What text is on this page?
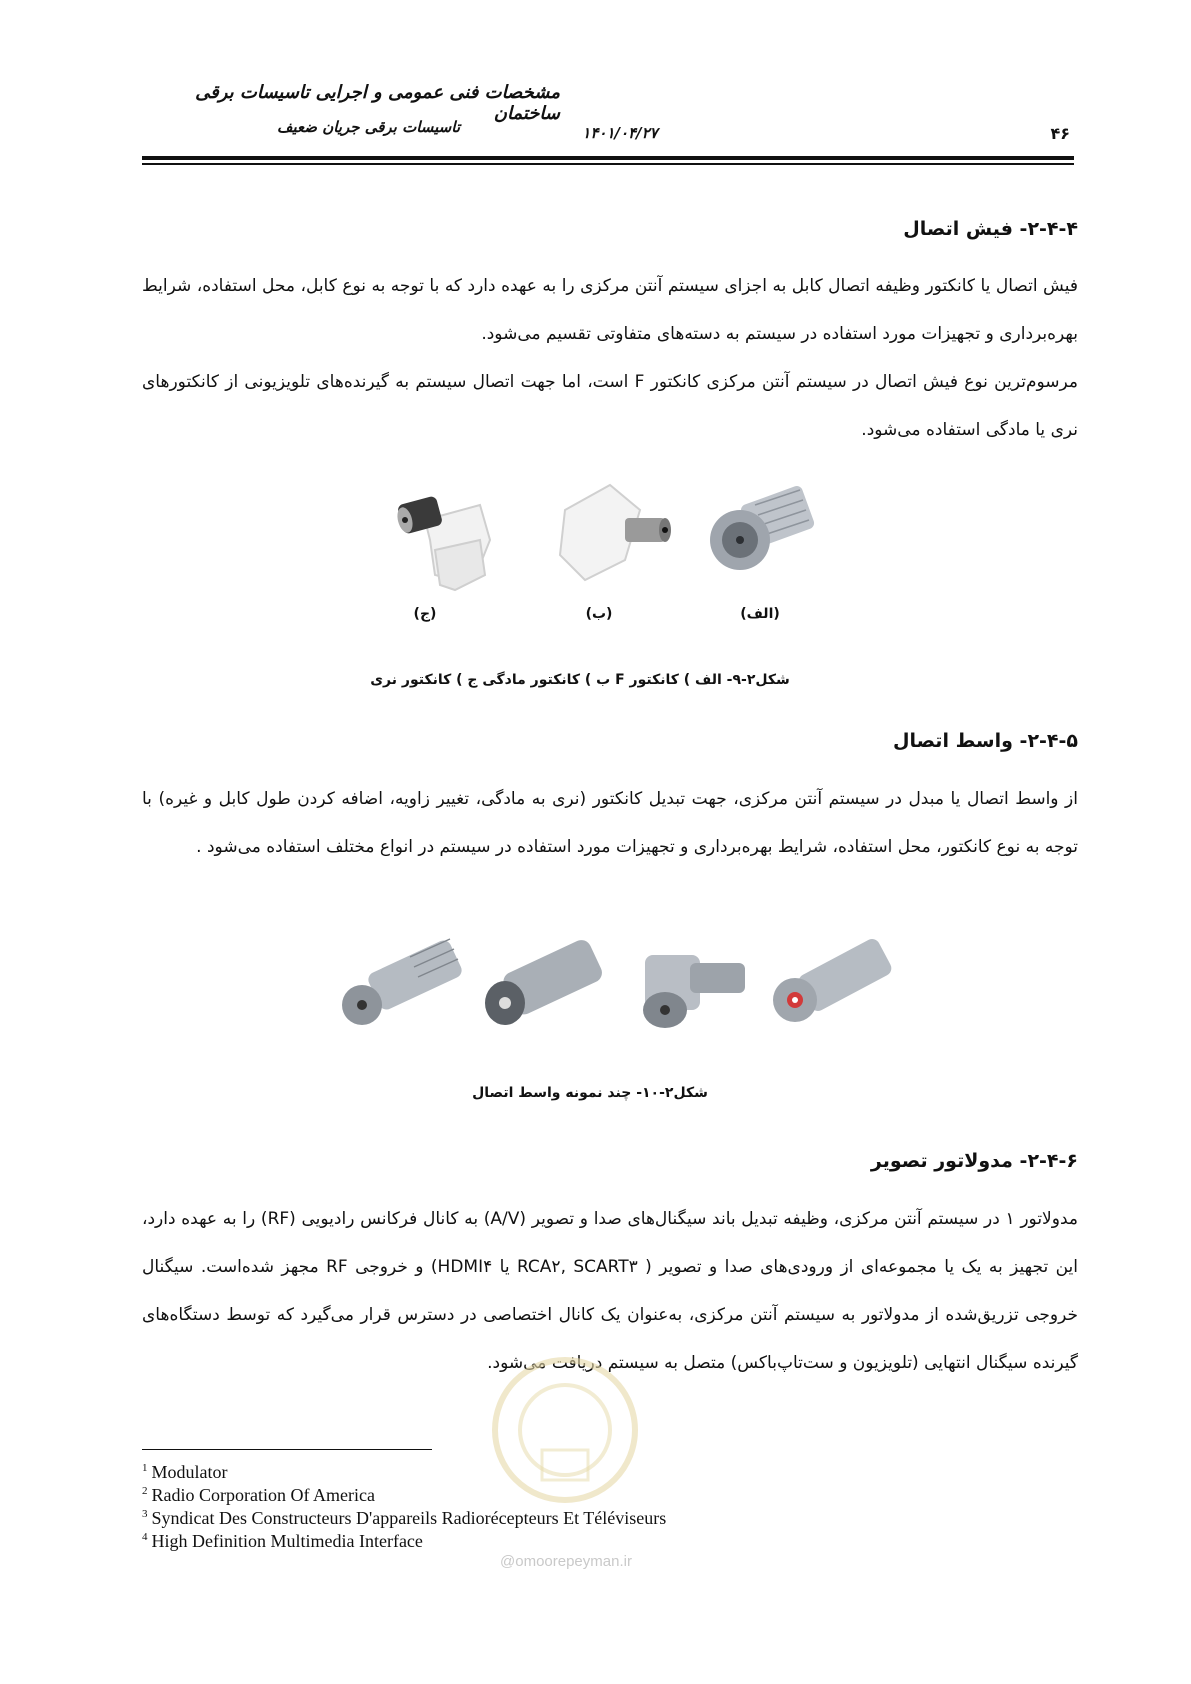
مشخصات فنی عمومی و اجرایی تاسیسات برقی ساختمان
تاسیسات برقی جریان ضعیف	۱۴۰۱/۰۴/۲۷	۴۶
۲-۴-۴- فیش اتصال
فیش اتصال یا کانکتور وظیفه اتصال کابل به اجزای سیستم آنتن مرکزی را به عهده دارد که با توجه به نوع کابل، محل استفاده، شرایط بهره‌برداری و تجهیزات مورد استفاده در سیستم به دسته‌های متفاوتی تقسیم می‌شود.
مرسوم‌ترین نوع فیش اتصال در سیستم آنتن مرکزی کانکتور F است، اما جهت اتصال سیستم به گیرنده‌های تلویزیونی از کانکتورهای نری یا مادگی استفاده می‌شود.
(ج)	(ب)	(الف)
شکل۲-۹- الف ) کانکتور F ب ) کانکتور مادگی ج ) کانکتور نری
۲-۴-۵- واسط اتصال
از واسط اتصال یا مبدل در سیستم آنتن مرکزی، جهت تبدیل کانکتور (نری به مادگی، تغییر زاویه، اضافه کردن طول کابل و غیره) با توجه به نوع کانکتور، محل استفاده، شرایط بهره‌برداری و تجهیزات مورد استفاده در سیستم در انواع مختلف استفاده می‌شود .
شکل۲-۱۰- چند نمونه واسط اتصال
۲-۴-۶- مدولاتور تصویر
مدولاتور ۱ در سیستم آنتن مرکزی، وظیفه تبدیل باند سیگنال‌های صدا و تصویر (A/V) به کانال فرکانس رادیویی (RF) را به عهده دارد، این تجهیز به یک یا مجموعه‌ای از ورودی‌های صدا و تصویر ( RCA۲, SCART۳ یا HDMI۴) و خروجی RF مجهز شده‌است. سیگنال خروجی تزریق‌شده از مدولاتور به سیستم آنتن مرکزی، به‌عنوان یک کانال اختصاصی در دسترس قرار می‌گیرد که توسط دستگاه‌های گیرنده سیگنال انتهایی (تلویزیون و ست‌تاپ‌باکس) متصل به سیستم دریافت می‌شود.
$^1$ Modulator
$^2$ Radio Corporation Of America
$^3$ Syndicat Des Constructeurs D'appareils Radiorécepteurs Et Téléviseurs
$^4$ High Definition Multimedia Interface
@omoorepeyman.ir
